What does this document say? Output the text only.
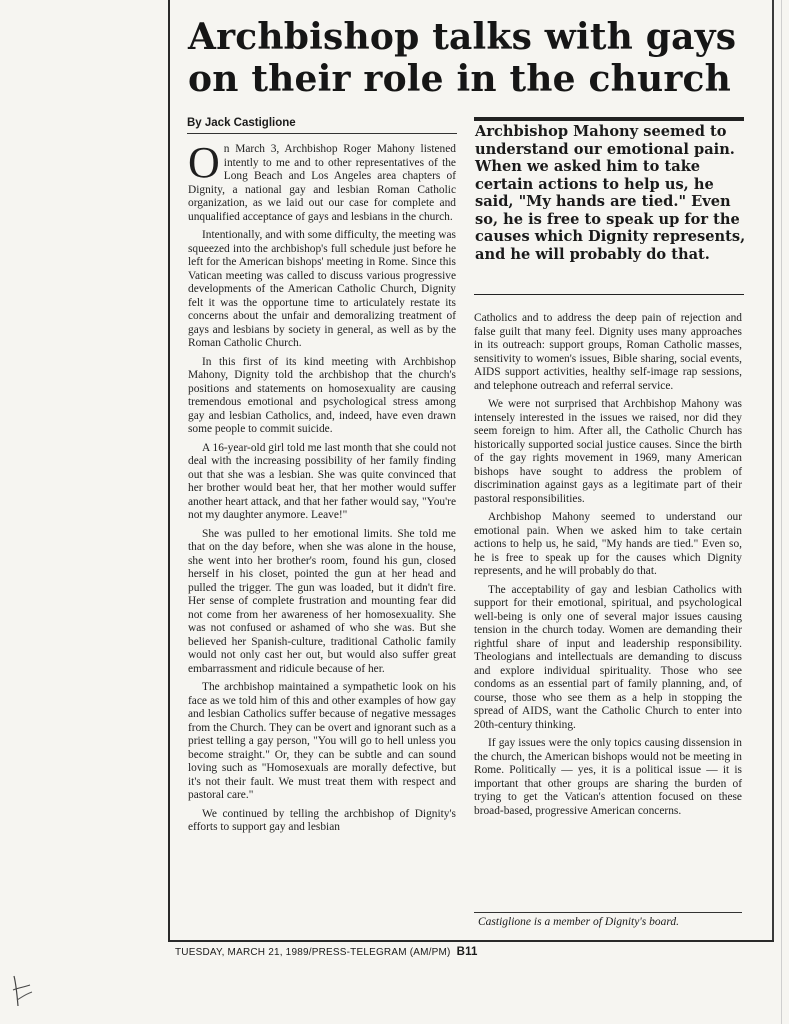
Archbishop talks with gays
on their role in the church
By Jack Castiglione

On March 3, Archbishop Roger Mahony listened intently to me and to other representatives of the Long Beach and Los Angeles area chapters of Dignity, a national gay and lesbian Roman Catholic organization, as we laid out our case for complete and unqualified acceptance of gays and lesbians in the church.

Intentionally, and with some difficulty, the meeting was squeezed into the archbishop's full schedule just before he left for the American bishops' meeting in Rome. Since this Vatican meeting was called to discuss various progressive developments of the American Catholic Church, Dignity felt it was the opportune time to articulately restate its concerns about the unfair and demoralizing treatment of gays and lesbians by society in general, as well as by the Roman Catholic Church.

In this first of its kind meeting with Archbishop Mahony, Dignity told the archbishop that the church's positions and statements on homosexuality are causing tremendous emotional and psychological stress among gay and lesbian Catholics, and, indeed, have even drawn some people to commit suicide.

A 16-year-old girl told me last month that she could not deal with the increasing possibility of her family finding out that she was a lesbian. She was quite convinced that her brother would beat her, that her mother would suffer another heart attack, and that her father would say, "You're not my daughter anymore. Leave!"

She was pulled to her emotional limits. She told me that on the day before, when she was alone in the house, she went into her brother's room, found his gun, closed herself in his closet, pointed the gun at her head and pulled the trigger. The gun was loaded, but it didn't fire. Her sense of complete frustration and mounting fear did not come from her awareness of her homosexuality. She was not confused or ashamed of who she was. But she believed her Spanish-culture, traditional Catholic family would not only cast her out, but would also suffer great embarrassment and ridicule because of her.

The archbishop maintained a sympathetic look on his face as we told him of this and other examples of how gay and lesbian Catholics suffer because of negative messages from the Church. They can be overt and ignorant such as a priest telling a gay person, "You will go to hell unless you become straight." Or, they can be subtle and can sound loving such as "Homosexuals are morally defective, but it's not their fault. We must treat them with respect and pastoral care."

We continued by telling the archbishop of Dignity's efforts to support gay and lesbian

Archbishop Mahony seemed to understand our emotional pain. When we asked him to take certain actions to help us, he said, "My hands are tied." Even so, he is free to speak up for the causes which Dignity represents, and he will probably do that.

Catholics and to address the deep pain of rejection and false guilt that many feel. Dignity uses many approaches in its outreach: support groups, Roman Catholic masses, sensitivity to women's issues, Bible sharing, social events, AIDS support activities, healthy self-image rap sessions, and telephone outreach and referral service.

We were not surprised that Archbishop Mahony was intensely interested in the issues we raised, nor did they seem foreign to him. After all, the Catholic Church has historically supported social justice causes. Since the birth of the gay rights movement in 1969, many American bishops have sought to address the problem of discrimination against gays as a legitimate part of their pastoral responsibilities.

Archbishop Mahony seemed to understand our emotional pain. When we asked him to take certain actions to help us, he said, "My hands are tied." Even so, he is free to speak up for the causes which Dignity represents, and he will probably do that.

The acceptability of gay and lesbian Catholics with support for their emotional, spiritual, and psychological well-being is only one of several major issues causing tension in the church today. Women are demanding their rightful share of input and leadership responsibility. Theologians and intellectuals are demanding to discuss and explore individual spirituality. Those who see condoms as an essential part of family planning, and, of course, those who see them as a help in stopping the spread of AIDS, want the Catholic Church to enter into 20th-century thinking.

If gay issues were the only topics causing dissension in the church, the American bishops would not be meeting in Rome. Politically — yes, it is a political issue — it is important that other groups are sharing the burden of trying to get the Vatican's attention focused on these broad-based, progressive American concerns.

Castiglione is a member of Dignity's board.
TUESDAY, MARCH 21, 1989/PRESS-TELEGRAM (AM/PM) B11
